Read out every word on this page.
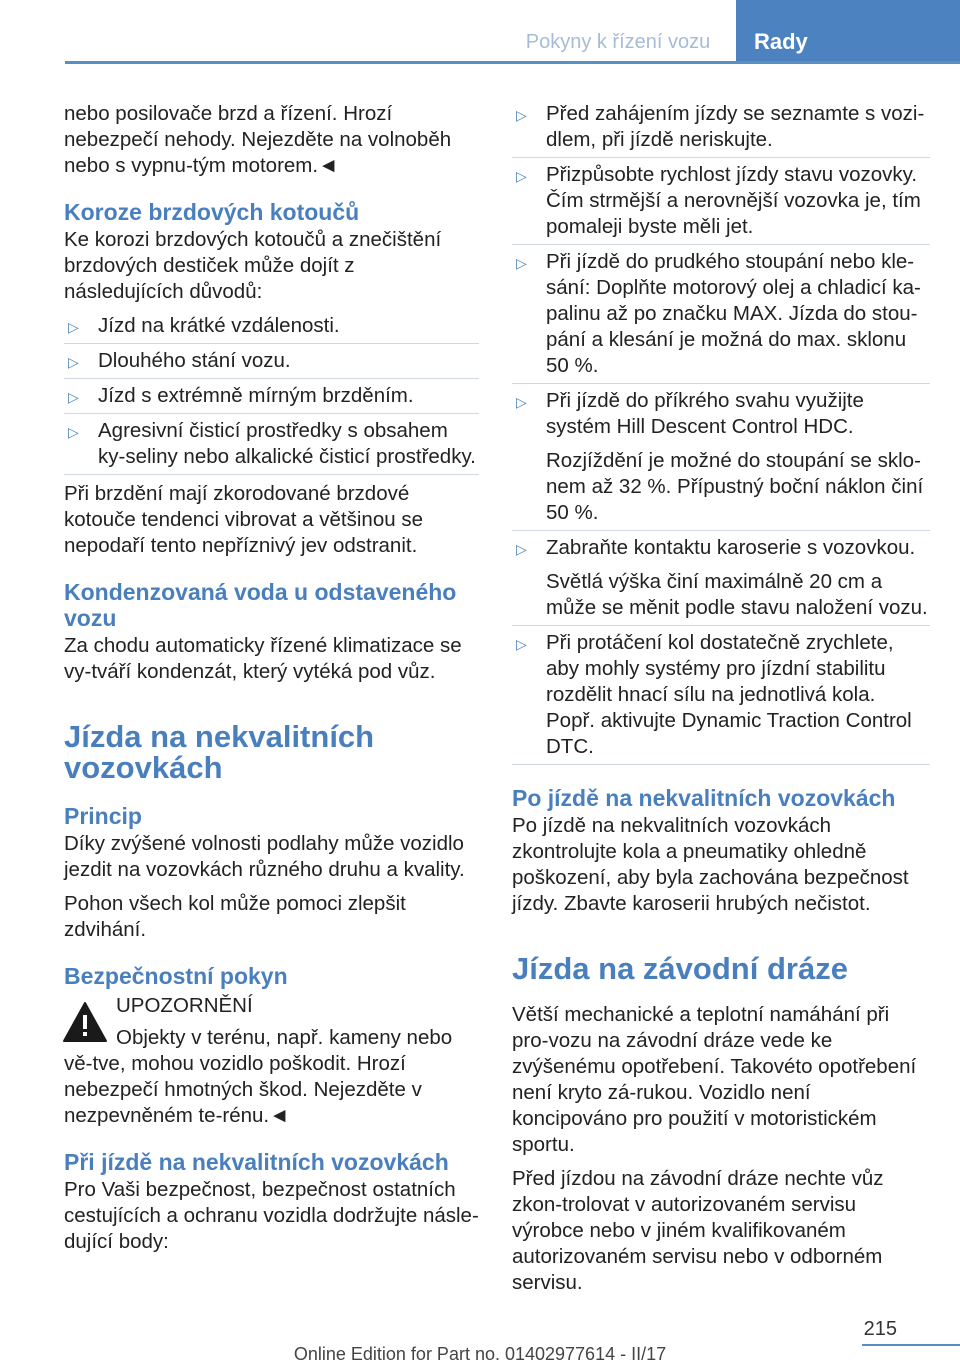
Pokyny k řízení vozu	Rady

nebo posilovače brzd a řízení. Hrozí nebezpečí nehody. Nejezděte na volnoběh nebo s vypnu‐tým motorem.◄

Koroze brzdových kotoučů

Ke korozi brzdových kotoučů a znečištění brzdových destiček může dojít z následujících důvodů:

▷ Jízd na krátké vzdálenosti.
▷ Dlouhého stání vozu.
▷ Jízd s extrémně mírným brzděním.
▷ Agresivní čisticí prostředky s obsahem ky‐seliny nebo alkalické čisticí prostředky.

Při brzdění mají zkorodované brzdové kotouče tendenci vibrovat a většinou se nepodaří tento nepříznivý jev odstranit.

Kondenzovaná voda u odstaveného vozu

Za chodu automaticky řízené klimatizace se vy‐tváří kondenzát, který vytéká pod vůz.

Jízda na nekvalitních vozovkách
Princip

Díky zvýšené volnosti podlahy může vozidlo jezdit na vozovkách různého druhu a kvality.

Pohon všech kol může pomoci zlepšit zdvihání.

Bezpečnostní pokyn
UPOZORNĚNÍ

Objekty v terénu, např. kameny nebo vě‐tve, mohou vozidlo poškodit. Hrozí nebezpečí hmotných škod. Nejezděte v nezpevněném te‐rénu.◄

Při jízdě na nekvalitních vozovkách

Pro Vaši bezpečnost, bezpečnost ostatních cestujících a ochranu vozidla dodržujte násle‐dující body:

▷ Před zahájením jízdy se seznamte s vozi‐dlem, při jízdě neriskujte.
▷ Přizpůsobte rychlost jízdy stavu vozovky. Čím strmější a nerovnější vozovka je, tím pomaleji byste měli jet.
▷ Při jízdě do prudkého stoupání nebo kle‐sání: Doplňte motorový olej a chladicí ka‐palinu až po značku MAX. Jízda do stou‐pání a klesání je možná do max. sklonu 50 %.
▷ Při jízdě do příkrého svahu využijte systém Hill Descent Control HDC.
Rozjíždění je možné do stoupání se sklo‐nem až 32 %. Přípustný boční náklon činí 50 %.
▷ Zabraňte kontaktu karoserie s vozovkou.
Světlá výška činí maximálně 20 cm a může se měnit podle stavu naložení vozu.
▷ Při protáčení kol dostatečně zrychlete, aby mohly systémy pro jízdní stabilitu rozdělit hnací sílu na jednotlivá kola. Popř. aktivujte Dynamic Traction Control DTC.
Po jízdě na nekvalitních vozovkách

Po jízdě na nekvalitních vozovkách zkontrolujte kola a pneumatiky ohledně poškození, aby byla zachována bezpečnost jízdy. Zbavte karoserii hrubých nečistot.

Jízda na závodní dráze

Větší mechanické a teplotní namáhání při pro‐vozu na závodní dráze vede ke zvýšenému opotřebení. Takovéto opotřebení není kryto zá‐rukou. Vozidlo není koncipováno pro použití v motoristickém sportu.

Před jízdou na závodní dráze nechte vůz zkon‐trolovat v autorizovaném servisu výrobce nebo v jiném kvalifikovaném autorizovaném servisu nebo v odborném servisu.

215
Online Edition for Part no. 01402977614 - II/17
